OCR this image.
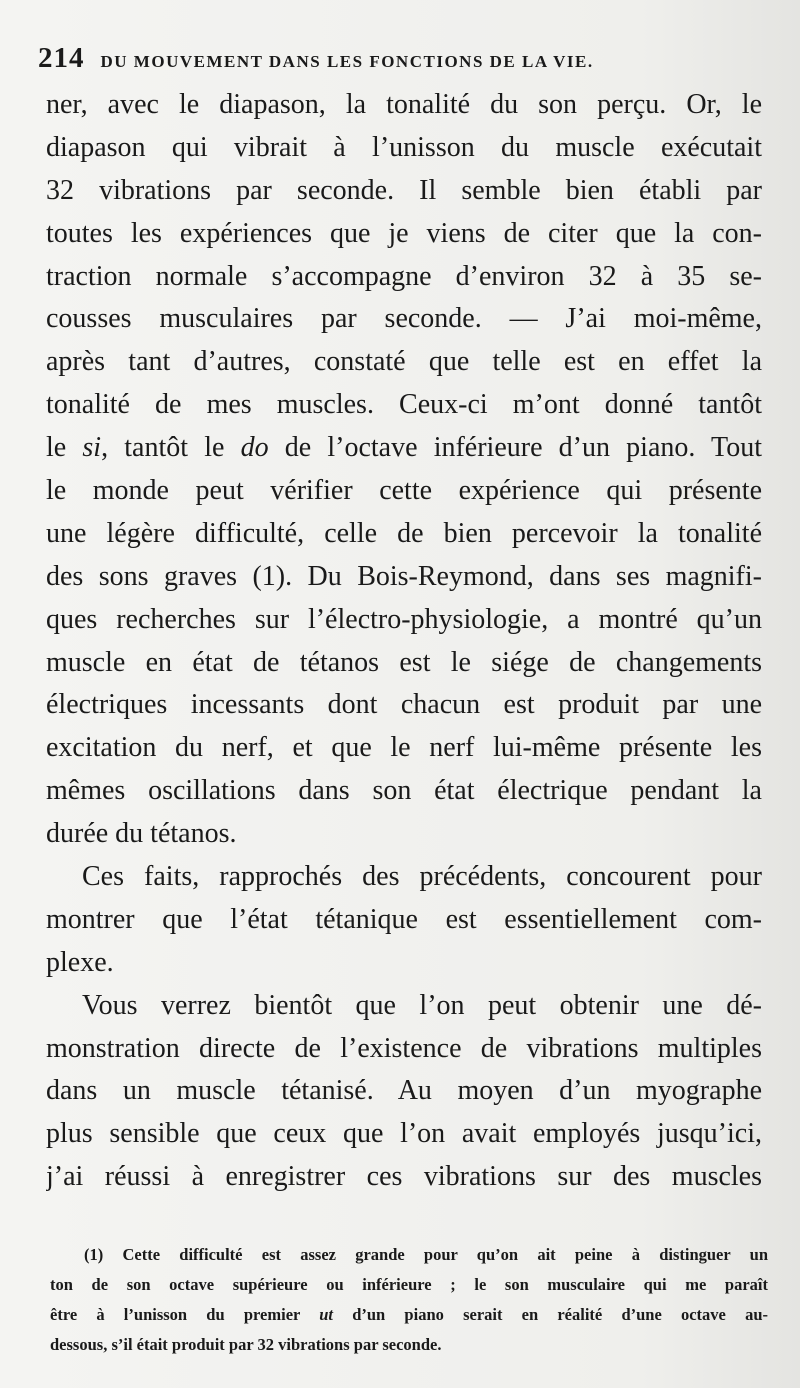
214 DU MOUVEMENT DANS LES FONCTIONS DE LA VIE.
ner, avec le diapason, la tonalité du son perçu. Or, le
diapason qui vibrait à l’unisson du muscle exécutait
32 vibrations par seconde. Il semble bien établi par
toutes les expériences que je viens de citer que la con-
traction normale s’accompagne d’environ 32 à 35 se-
cousses musculaires par seconde. — J’ai moi-même,
après tant d’autres, constaté que telle est en effet la
tonalité de mes muscles. Ceux-ci m’ont donné tantôt
le si, tantôt le do de l’octave inférieure d’un piano. Tout
le monde peut vérifier cette expérience qui présente
une légère difficulté, celle de bien percevoir la tonalité
des sons graves (1). Du Bois-Reymond, dans ses magnifi-
ques recherches sur l’électro-physiologie, a montré qu’un
muscle en état de tétanos est le siége de changements
électriques incessants dont chacun est produit par une
excitation du nerf, et que le nerf lui-même présente les
mêmes oscillations dans son état électrique pendant la
durée du tétanos.
Ces faits, rapprochés des précédents, concourent pour
montrer que l’état tétanique est essentiellement com-
plexe.
Vous verrez bientôt que l’on peut obtenir une dé-
monstration directe de l’existence de vibrations multiples
dans un muscle tétanisé. Au moyen d’un myographe
plus sensible que ceux que l’on avait employés jusqu’ici,
j’ai réussi à enregistrer ces vibrations sur des muscles
(1) Cette difficulté est assez grande pour qu’on ait peine à distinguer un
ton de son octave supérieure ou inférieure ; le son musculaire qui me paraît
être à l’unisson du premier ut d’un piano serait en réalité d’une octave au-
dessous, s’il était produit par 32 vibrations par seconde.
